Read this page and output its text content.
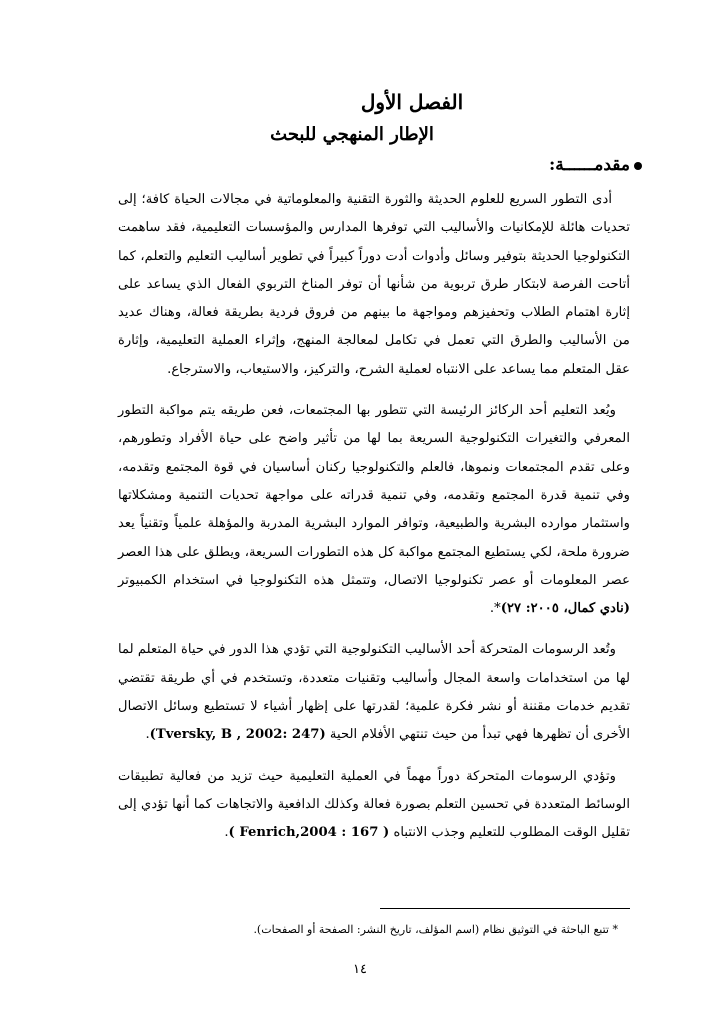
الفصل الأول
الإطار المنهجي للبحث
مقدمــــــة:

أدى التطور السريع للعلوم الحديثة والثورة التقنية والمعلوماتية في مجالات الحياة كافة؛ إلى تحديات هائلة للإمكانيات والأساليب التي توفرها المدارس والمؤسسات التعليمية، فقد ساهمت التكنولوجيا الحديثة بتوفير وسائل وأدوات أدت دوراً كبيراً في تطوير أساليب التعليم والتعلم، كما أتاحت الفرصة لابتكار طرق تربوية من شأنها أن توفر المناخ التربوي الفعال الذي يساعد على إثارة اهتمام الطلاب وتحفيزهم ومواجهة ما بينهم من فروق فردية بطريقة فعالة، وهناك عديد من الأساليب والطرق التي تعمل في تكامل لمعالجة المنهج، وإثراء العملية التعليمية، وإثارة عقل المتعلم مما يساعد على الانتباه لعملية الشرح، والتركيز، والاستيعاب، والاسترجاع.

ويُعد التعليم أحد الركائز الرئيسة التي تتطور بها المجتمعات، فعن طريقه يتم مواكبة التطور المعرفي والتغيرات التكنولوجية السريعة بما لها من تأثير واضح على حياة الأفراد وتطورهم، وعلى تقدم المجتمعات ونموها، فالعلم والتكنولوجيا ركنان أساسيان في قوة المجتمع وتقدمه، وفي تنمية قدرة المجتمع وتقدمه، وفي تنمية قدراته على مواجهة تحديات التنمية ومشكلاتها واستثمار موارده البشرية والطبيعية، وتوافر الموارد البشرية المدربة والمؤهلة علمياً وتقنياً يعد ضرورة ملحة، لكي يستطيع المجتمع مواكبة كل هذه التطورات السريعة، ويطلق على هذا العصر عصر المعلومات أو عصر تكنولوجيا الاتصال، وتتمثل هذه التكنولوجيا في استخدام الكمبيوتر (نادي كمال، ٢٠٠٥: ٢٧)*.

وتُعد الرسومات المتحركة أحد الأساليب التكنولوجية التي تؤدي هذا الدور في حياة المتعلم لما لها من استخدامات واسعة المجال وأساليب وتقنيات متعددة، وتستخدم في أي طريقة تقتضي تقديم خدمات مقننة أو نشر فكرة علمية؛ لقدرتها على إظهار أشياء لا تستطيع وسائل الاتصال الأخرى أن تظهرها فهي تبدأ من حيث تنتهي الأفلام الحية (Tversky, B , 2002: 247).

وتؤدي الرسومات المتحركة دوراً مهماً في العملية التعليمية حيث تزيد من فعالية تطبيقات الوسائط المتعددة في تحسين التعلم بصورة فعالة وكذلك الدافعية والاتجاهات كما أنها تؤدي إلى تقليل الوقت المطلوب للتعليم وجذب الانتباه ( Fenrich,2004 : 167 ).

* تتبع الباحثة في التوثيق نظام (اسم المؤلف، تاريخ النشر: الصفحة أو الصفحات).
١٤
